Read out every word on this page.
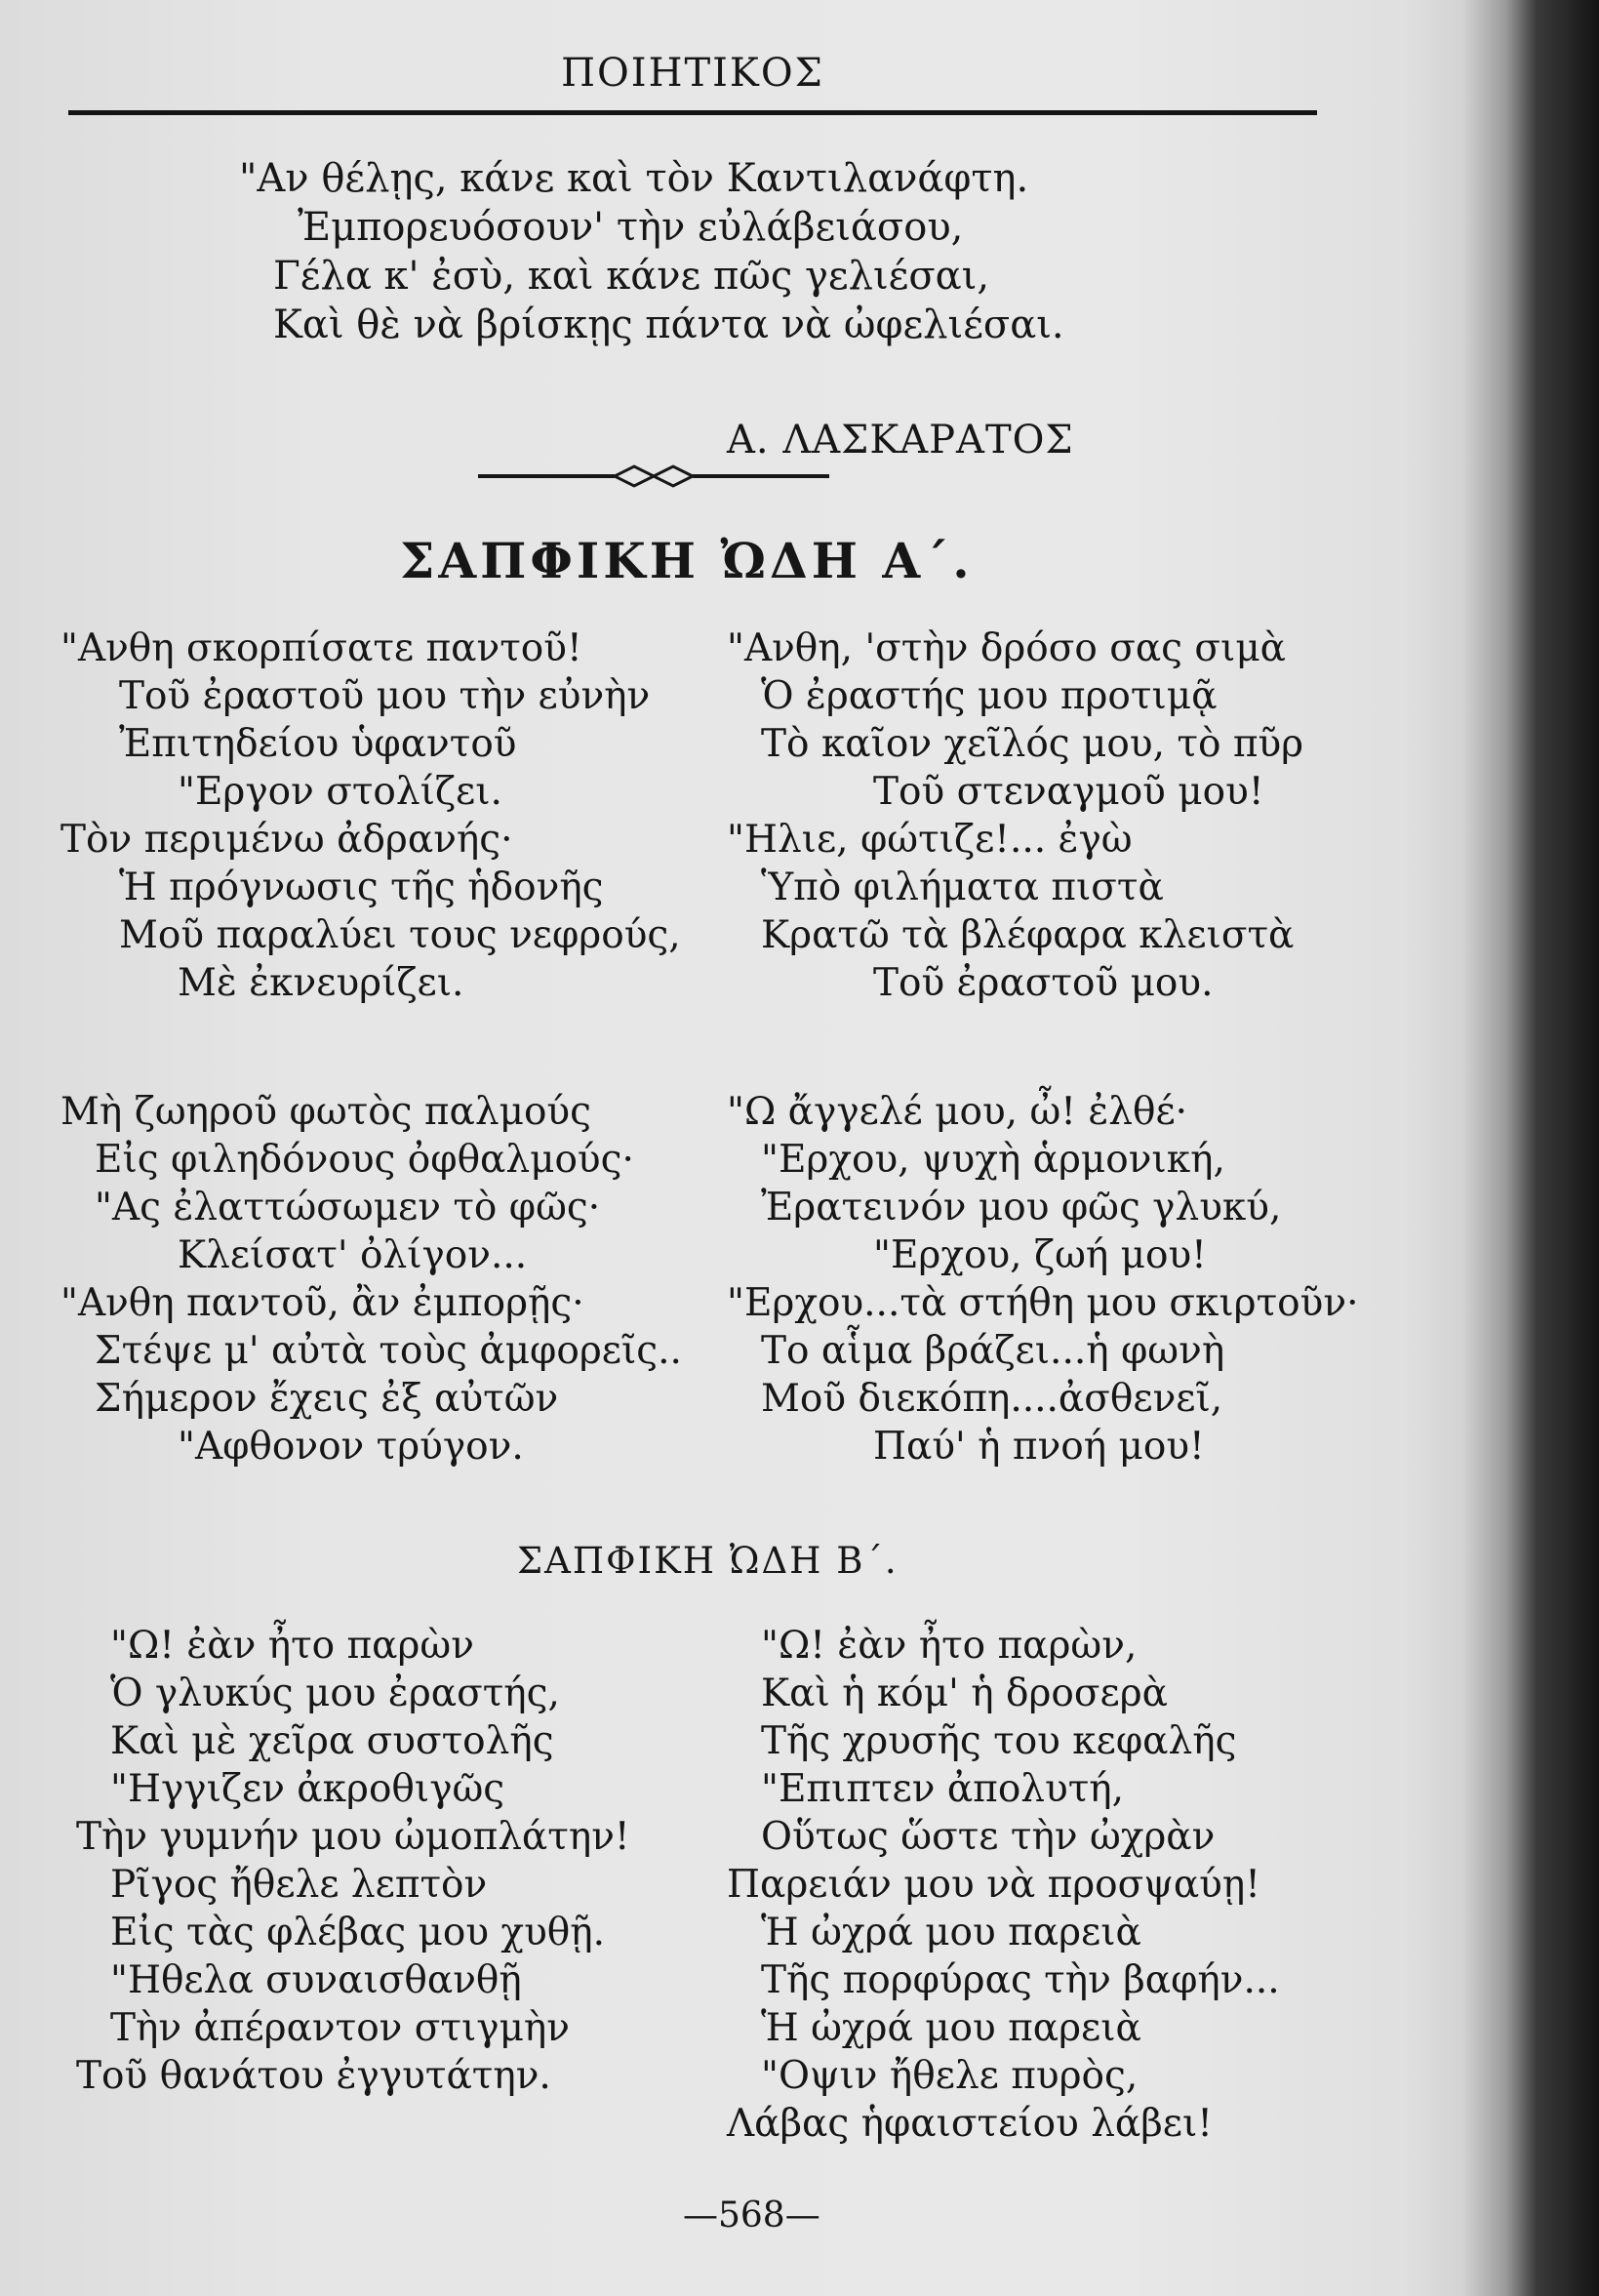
ΠΟΙΗΤΙΚΟΣ
"Αν θέλῃς, κάνε καὶ τὸν Καντιλανάφτη.
Ἐμπορευόσουν' τὴν εὐλάβειάσου,
Γέλα κ' ἐσὺ, καὶ κάνε πῶς γελιέσαι,
Καὶ θὲ νὰ βρίσκῃς πάντα νὰ ὠφελιέσαι.
Α. ΛΑΣΚΑΡΑΤΟΣ
ΣΑΠΦΙΚΗ ὨΔΗ Α΄.
"Ανθη σκορπίσατε παντοῦ!
Τοῦ ἐραστοῦ μου τὴν εὐνὴν
Ἐπιτηδείου ὑφαντοῦ
"Εργον στολίζει.
Τὸν περιμένω ἀδρανής·
Ἡ πρόγνωσις τῆς ἡδονῆς
Μοῦ παραλύει τους νεφρούς,
Μὲ ἐκνευρίζει.
"Ανθη, 'στὴν δρόσο σας σιμὰ
Ὁ ἐραστής μου προτιμᾷ
Τὸ καῖον χεῖλός μου, τὸ πῦρ
Τοῦ στεναγμοῦ μου!
"Ηλιε, φώτιζε!... ἐγὼ
Ὑπὸ φιλήματα πιστὰ
Κρατῶ τὰ βλέφαρα κλειστὰ
Τοῦ ἐραστοῦ μου.
Μὴ ζωηροῦ φωτὸς παλμούς
Εἰς φιληδόνους ὀφθαλμούς·
"Ας ἐλαττώσωμεν τὸ φῶς·
Κλείσατ' ὀλίγον...
"Ανθη παντοῦ, ἂν ἐμπορῇς·
Στέψε μ' αὐτὰ τοὺς ἀμφορεῖς..
Σήμερον ἔχεις ἐξ αὐτῶν
"Αφθονον τρύγον.
"Ω ἄγγελέ μου, ὦ! ἐλθέ·
"Ερχου, ψυχὴ ἁρμονική,
Ἐρατεινόν μου φῶς γλυκύ,
"Ερχου, ζωή μου!
"Ερχου...τὰ στήθη μου σκιρτοῦν·
Το αἷμα βράζει...ἡ φωνὴ
Μοῦ διεκόπη....ἀσθενεῖ,
Παύ' ἡ πνοή μου!
ΣΑΠΦΙΚΗ ὨΔΗ Β΄.
"Ω! ἐὰν ἦτο παρὼν
Ὁ γλυκύς μου ἐραστής,
Καὶ μὲ χεῖρα συστολῆς
"Ηγγιζεν ἀκροθιγῶς
Τὴν γυμνήν μου ὠμοπλάτην!
Ρῖγος ἤθελε λεπτὸν
Εἰς τὰς φλέβας μου χυθῇ.
"Ηθελα συναισθανθῇ
Τὴν ἀπέραντον στιγμὴν
Τοῦ θανάτου ἐγγυτάτην.
"Ω! ἐὰν ἦτο παρὼν,
Καὶ ἡ κόμ' ἡ δροσερὰ
Τῆς χρυσῆς του κεφαλῆς
"Επιπτεν ἀπολυτή,
Οὕτως ὥστε τὴν ὠχρὰν
Παρειάν μου νὰ προσψαύῃ!
Ἡ ὠχρά μου παρειὰ
Τῆς πορφύρας τὴν βαφήν...
Ἡ ὠχρά μου παρειὰ
"Οψιν ἤθελε πυρὸς,
Λάβας ἡφαιστείου λάβει!
—568—
